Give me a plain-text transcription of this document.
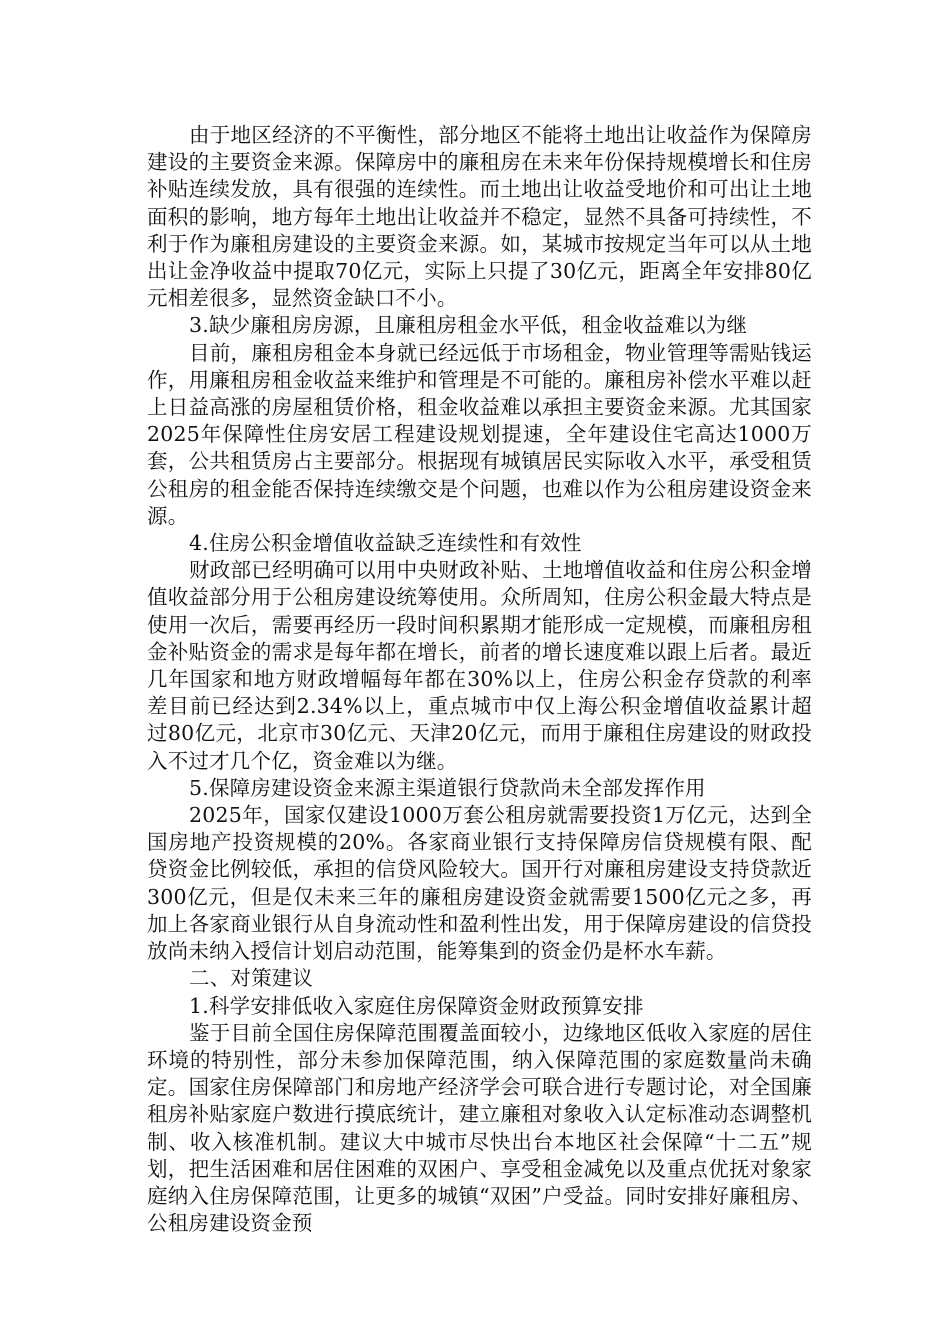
由于地区经济的不平衡性，部分地区不能将土地出让收益作为保障房建设的主要资金来源。保障房中的廉租房在未来年份保持规模增长和住房补贴连续发放，具有很强的连续性。而土地出让收益受地价和可出让土地面积的影响，地方每年土地出让收益并不稳定，显然不具备可持续性，不利于作为廉租房建设的主要资金来源。如，某城市按规定当年可以从土地出让金净收益中提取70亿元，实际上只提了30亿元，距离全年安排80亿元相差很多，显然资金缺口不小。

3.缺少廉租房房源，且廉租房租金水平低，租金收益难以为继

目前，廉租房租金本身就已经远低于市场租金，物业管理等需贴钱运作，用廉租房租金收益来维护和管理是不可能的。廉租房补偿水平难以赶上日益高涨的房屋租赁价格，租金收益难以承担主要资金来源。尤其国家2025年保障性住房安居工程建设规划提速，全年建设住宅高达1000万套，公共租赁房占主要部分。根据现有城镇居民实际收入水平，承受租赁公租房的租金能否保持连续缴交是个问题，也难以作为公租房建设资金来源。

4.住房公积金增值收益缺乏连续性和有效性

财政部已经明确可以用中央财政补贴、土地增值收益和住房公积金增值收益部分用于公租房建设统筹使用。众所周知，住房公积金最大特点是使用一次后，需要再经历一段时间积累期才能形成一定规模，而廉租房租金补贴资金的需求是每年都在增长，前者的增长速度难以跟上后者。最近几年国家和地方财政增幅每年都在30%以上，住房公积金存贷款的利率差目前已经达到2.34%以上，重点城市中仅上海公积金增值收益累计超过80亿元，北京市30亿元、天津20亿元，而用于廉租住房建设的财政投入不过才几个亿，资金难以为继。

5.保障房建设资金来源主渠道银行贷款尚未全部发挥作用

2025年，国家仅建设1000万套公租房就需要投资1万亿元，达到全国房地产投资规模的20%。各家商业银行支持保障房信贷规模有限、配贷资金比例较低，承担的信贷风险较大。国开行对廉租房建设支持贷款近300亿元，但是仅未来三年的廉租房建设资金就需要1500亿元之多，再加上各家商业银行从自身流动性和盈利性出发，用于保障房建设的信贷投放尚未纳入授信计划启动范围，能筹集到的资金仍是杯水车薪。

二、对策建议

1.科学安排低收入家庭住房保障资金财政预算安排

鉴于目前全国住房保障范围覆盖面较小，边缘地区低收入家庭的居住环境的特别性，部分未参加保障范围，纳入保障范围的家庭数量尚未确定。国家住房保障部门和房地产经济学会可联合进行专题讨论，对全国廉租房补贴家庭户数进行摸底统计，建立廉租对象收入认定标准动态调整机制、收入核准机制。建议大中城市尽快出台本地区社会保障“十二五”规划，把生活困难和居住困难的双困户、享受租金减免以及重点优抚对象家庭纳入住房保障范围，让更多的城镇“双困”户受益。同时安排好廉租房、公租房建设资金预
